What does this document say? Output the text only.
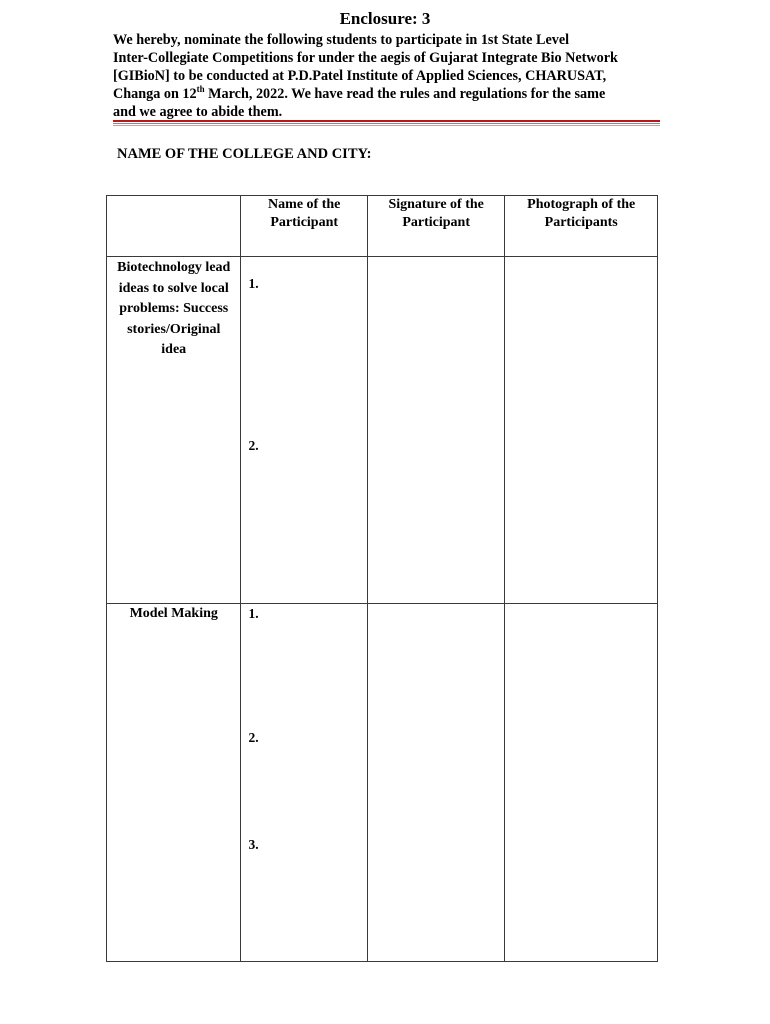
Enclosure: 3
We hereby, nominate the following students to participate in 1st State Level
Inter-Collegiate Competitions for under the aegis of Gujarat Integrate Bio Network
[GIBioN] to be conducted at P.D.Patel Institute of Applied Sciences, CHARUSAT,
Changa on 12th March, 2022. We have read the rules and regulations for the same
and we agree to abide them.
NAME OF THE COLLEGE AND CITY:
	Name of the Participant	Signature of the Participant	Photograph of the Participants

Biotechnology lead ideas to solve local problems: Success stories/Original idea	1.
2.		

Model Making	1.
2.
3.		
